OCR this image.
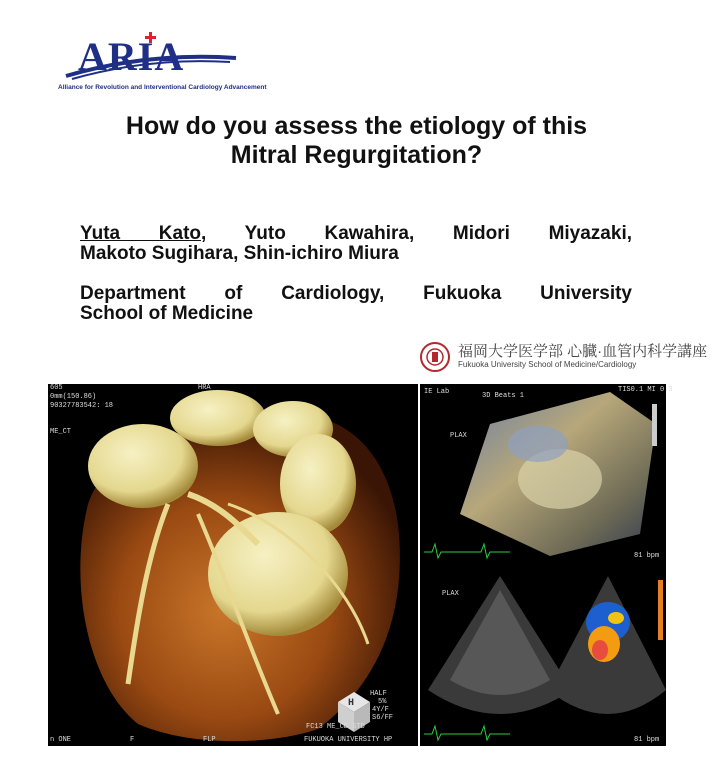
ARIA
Alliance for Revolution and Interventional Cardiology Advancement
How do you assess the etiology of this
Mitral Regurgitation?
Yuta Kato, Yuto Kawahira, Midori Miyazaki,
Makoto Sugihara, Shin-ichiro Miura
Department of Cardiology, Fukuoka University
School of Medicine
福岡大学医学部 心臓·血管内科学講座
Fukuoka University School of Medicine/Cardiology
605
0mm(150.86)
90327783542: 18
ME_CT
HRA
HALF
5%
4Y/F
S6/FF
FC13 ME_CD STD
n ONE	F	FLP	FUKUOKA UNIVERSITY HP
H
IE Lab	3D Beats 1
PLAX
TIS0.1 MI 0.3
81 bpm
PLAX
81 bpm
